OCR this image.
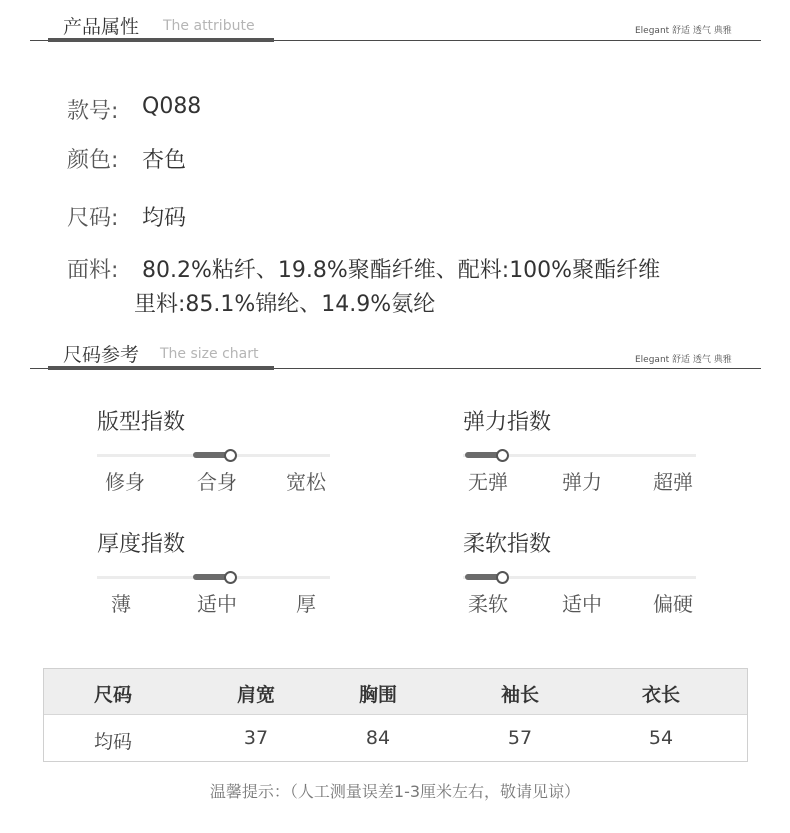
产品属性 The attribute	Elegant 舒适 透气 典雅
款号: Q088
颜色: 杏色
尺码: 均码
面料: 80.2%粘纤、19.8%聚酯纤维、配料:100%聚酯纤维
里料:85.1%锦纶、14.9%氨纶
尺码参考 The size chart	Elegant 舒适 透气 典雅
版型指数
修身	合身	宽松
弹力指数
无弹	弹力	超弹
厚度指数
薄	适中	厚
柔软指数
柔软	适中	偏硬
尺码	肩宽	胸围	袖长	衣长
均码	37	84	57	54
温馨提示：（人工测量误差1-3厘米左右，敬请见谅）
